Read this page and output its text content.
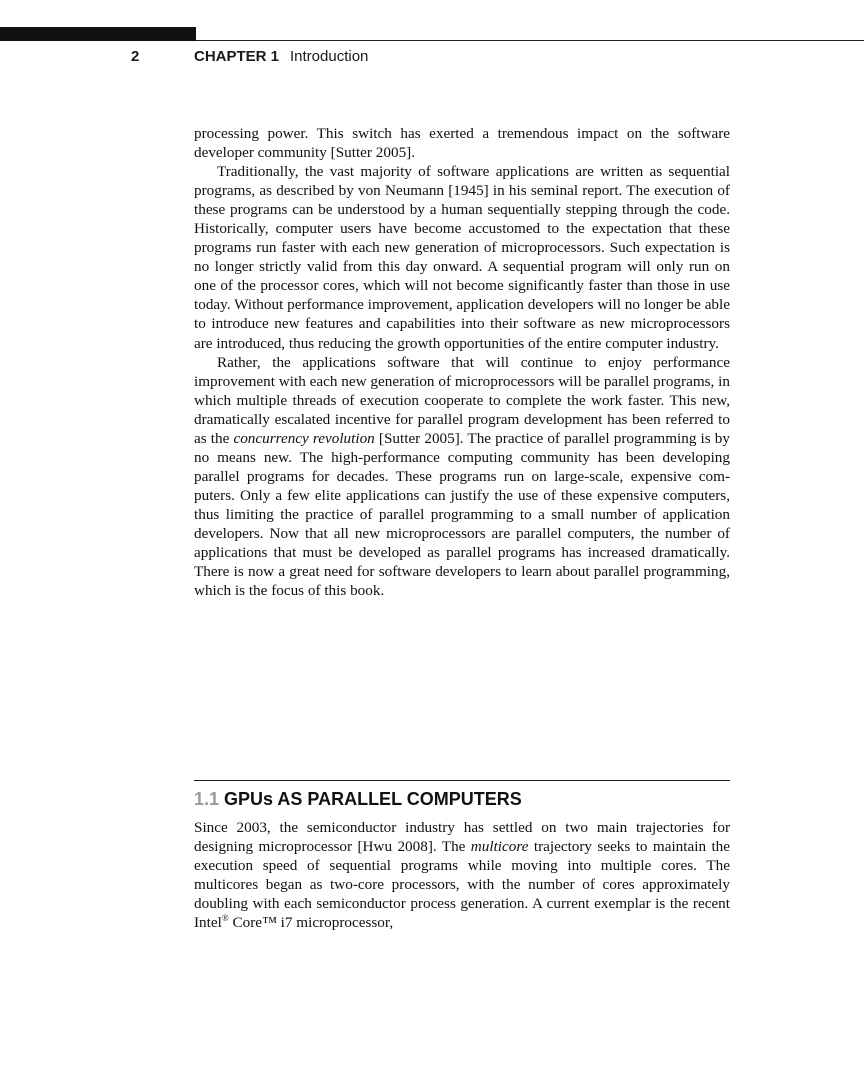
2	CHAPTER 1 Introduction

processing power. This switch has exerted a tremendous impact on the software developer community [Sutter 2005].

Traditionally, the vast majority of software applications are written as sequential programs, as described by von Neumann [1945] in his seminal report. The execution of these programs can be understood by a human sequentially stepping through the code. Historically, computer users have become accustomed to the expectation that these programs run faster with each new generation of microprocessors. Such expectation is no longer strictly valid from this day onward. A sequential program will only run on one of the processor cores, which will not become significantly faster than those in use today. Without performance improvement, application developers will no longer be able to introduce new features and capabilities into their software as new microprocessors are introduced, thus reducing the growth opportunities of the entire computer industry.

Rather, the applications software that will continue to enjoy performance improvement with each new generation of microprocessors will be parallel programs, in which multiple threads of execution cooperate to complete the work faster. This new, dramatically escalated incentive for parallel program development has been referred to as the concurrency revolution [Sutter 2005]. The practice of parallel programming is by no means new. The high-performance computing community has been developing parallel programs for decades. These programs run on large-scale, expensive computers. Only a few elite applications can justify the use of these expensive computers, thus limiting the practice of parallel programming to a small number of application developers. Now that all new microprocessors are parallel computers, the number of applications that must be developed as parallel programs has increased dramatically. There is now a great need for software developers to learn about parallel programming, which is the focus of this book.

1.1 GPUs AS PARALLEL COMPUTERS

Since 2003, the semiconductor industry has settled on two main trajectories for designing microprocessor [Hwu 2008]. The multicore trajectory seeks to maintain the execution speed of sequential programs while moving into multiple cores. The multicores began as two-core processors, with the number of cores approximately doubling with each semiconductor process generation. A current exemplar is the recent Intel® Core™ i7 microprocessor,
